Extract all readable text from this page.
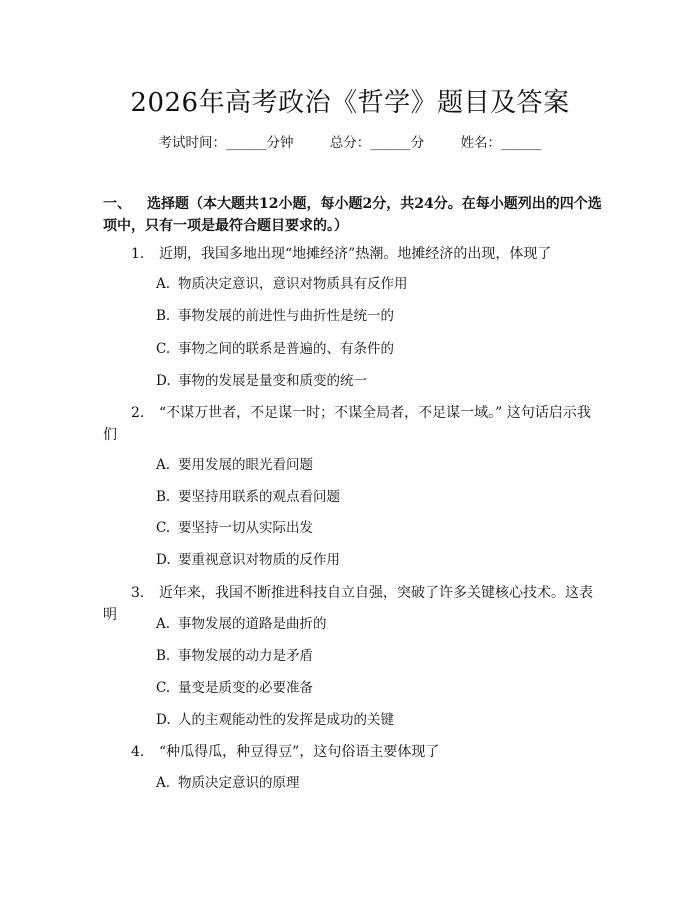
2026年高考政治《哲学》题目及答案
考试时间：______分钟	总分：______分	姓名：______
一、 选择题（本大题共12小题，每小题2分，共24分。在每小题列出的四个选项中，只有一项是最符合题目要求的。）
1. 近期，我国多地出现“地摊经济”热潮。地摊经济的出现，体现了
A. 物质决定意识，意识对物质具有反作用
B. 事物发展的前进性与曲折性是统一的
C. 事物之间的联系是普遍的、有条件的
D. 事物的发展是量变和质变的统一
2. “不谋万世者，不足谋一时；不谋全局者，不足谋一域。” 这句话启示我们
A. 要用发展的眼光看问题
B. 要坚持用联系的观点看问题
C. 要坚持一切从实际出发
D. 要重视意识对物质的反作用
3. 近年来，我国不断推进科技自立自强，突破了许多关键核心技术。这表明
A. 事物发展的道路是曲折的
B. 事物发展的动力是矛盾
C. 量变是质变的必要准备
D. 人的主观能动性的发挥是成功的关键
4. “种瓜得瓜，种豆得豆”，这句俗语主要体现了
A. 物质决定意识的原理
